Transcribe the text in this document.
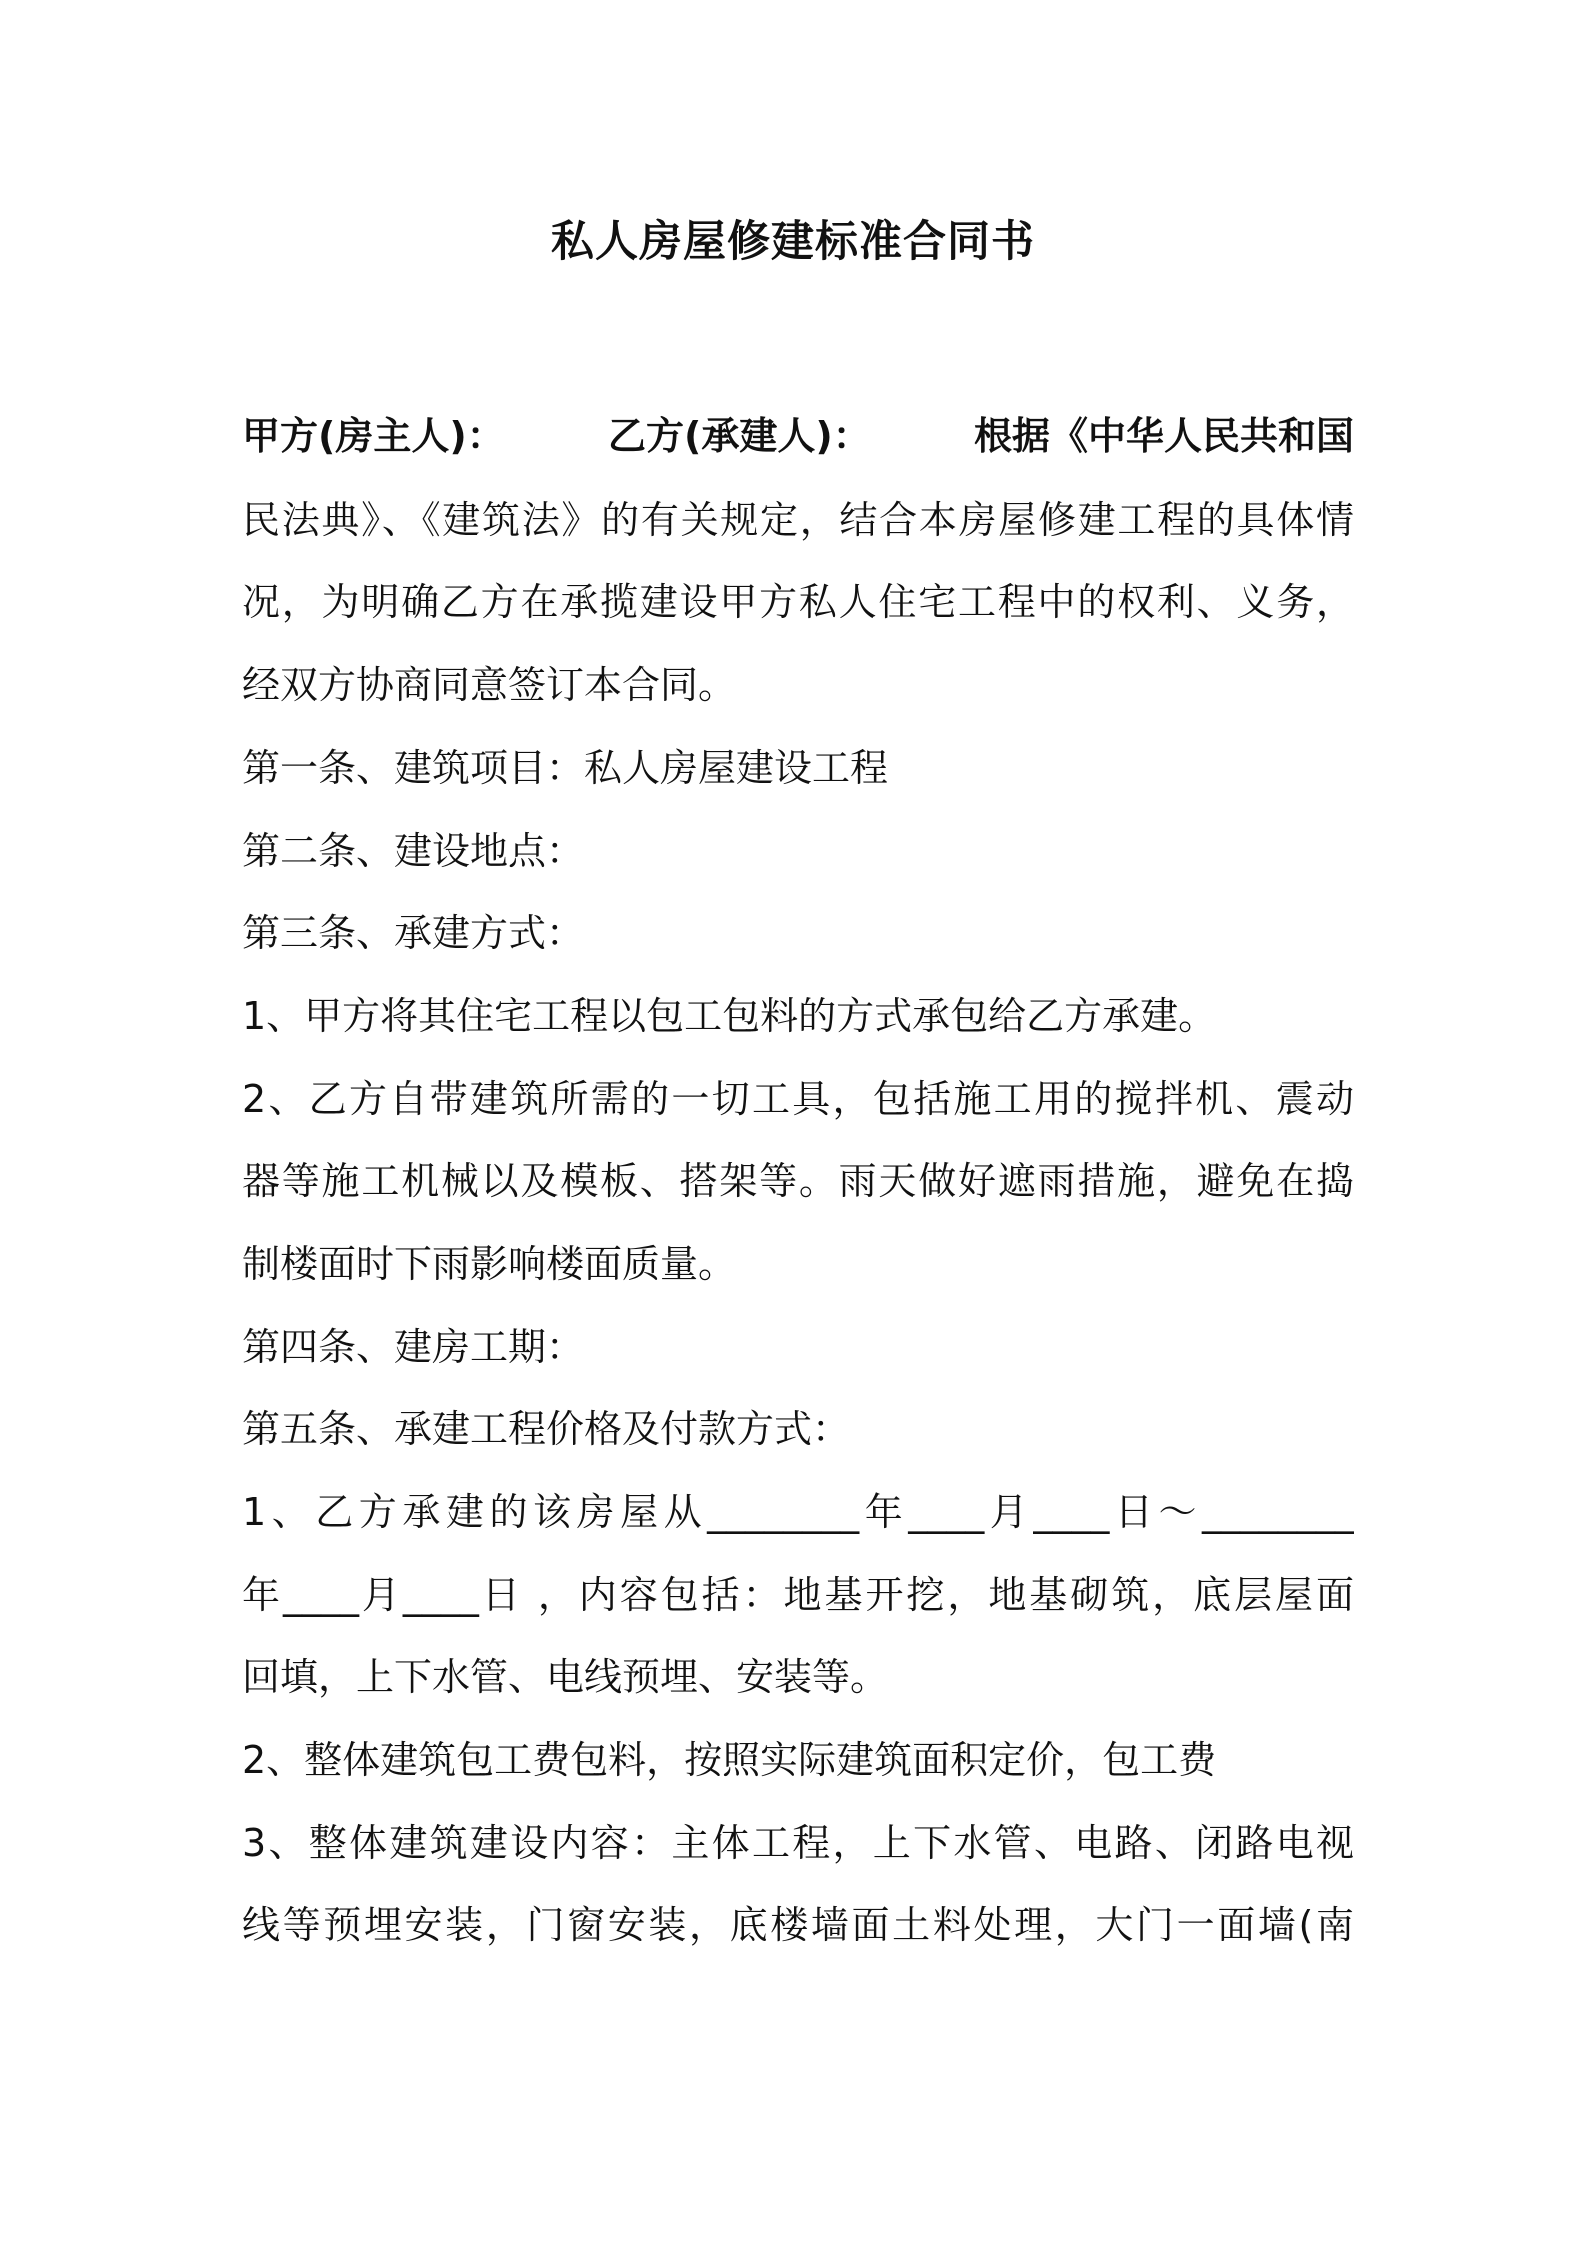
私人房屋修建标准合同书
甲方(房主人)：	乙方(承建人)：	根据《中华人民共和国
民法典》、《建筑法》的有关规定，结合本房屋修建工程的具体情
况，为明确乙方在承揽建设甲方私人住宅工程中的权利、义务，
经双方协商同意签订本合同。
第一条、建筑项目：私人房屋建设工程
第二条、建设地点：
第三条、承建方式：
1、甲方将其住宅工程以包工包料的方式承包给乙方承建。
2、乙方自带建筑所需的一切工具，包括施工用的搅拌机、震动
器等施工机械以及模板、搭架等。雨天做好遮雨措施，避免在捣
制楼面时下雨影响楼面质量。
第四条、建房工期：
第五条、承建工程价格及付款方式：
1、乙方承建的该房屋从________年____月____日～________
年____月____日 ，内容包括：地基开挖，地基砌筑，底层屋面
回填，上下水管、电线预埋、安装等。
2、整体建筑包工费包料，按照实际建筑面积定价，包工费
3、整体建筑建设内容：主体工程，上下水管、电路、闭路电视
线等预埋安装，门窗安装，底楼墙面土料处理，大门一面墙(南
